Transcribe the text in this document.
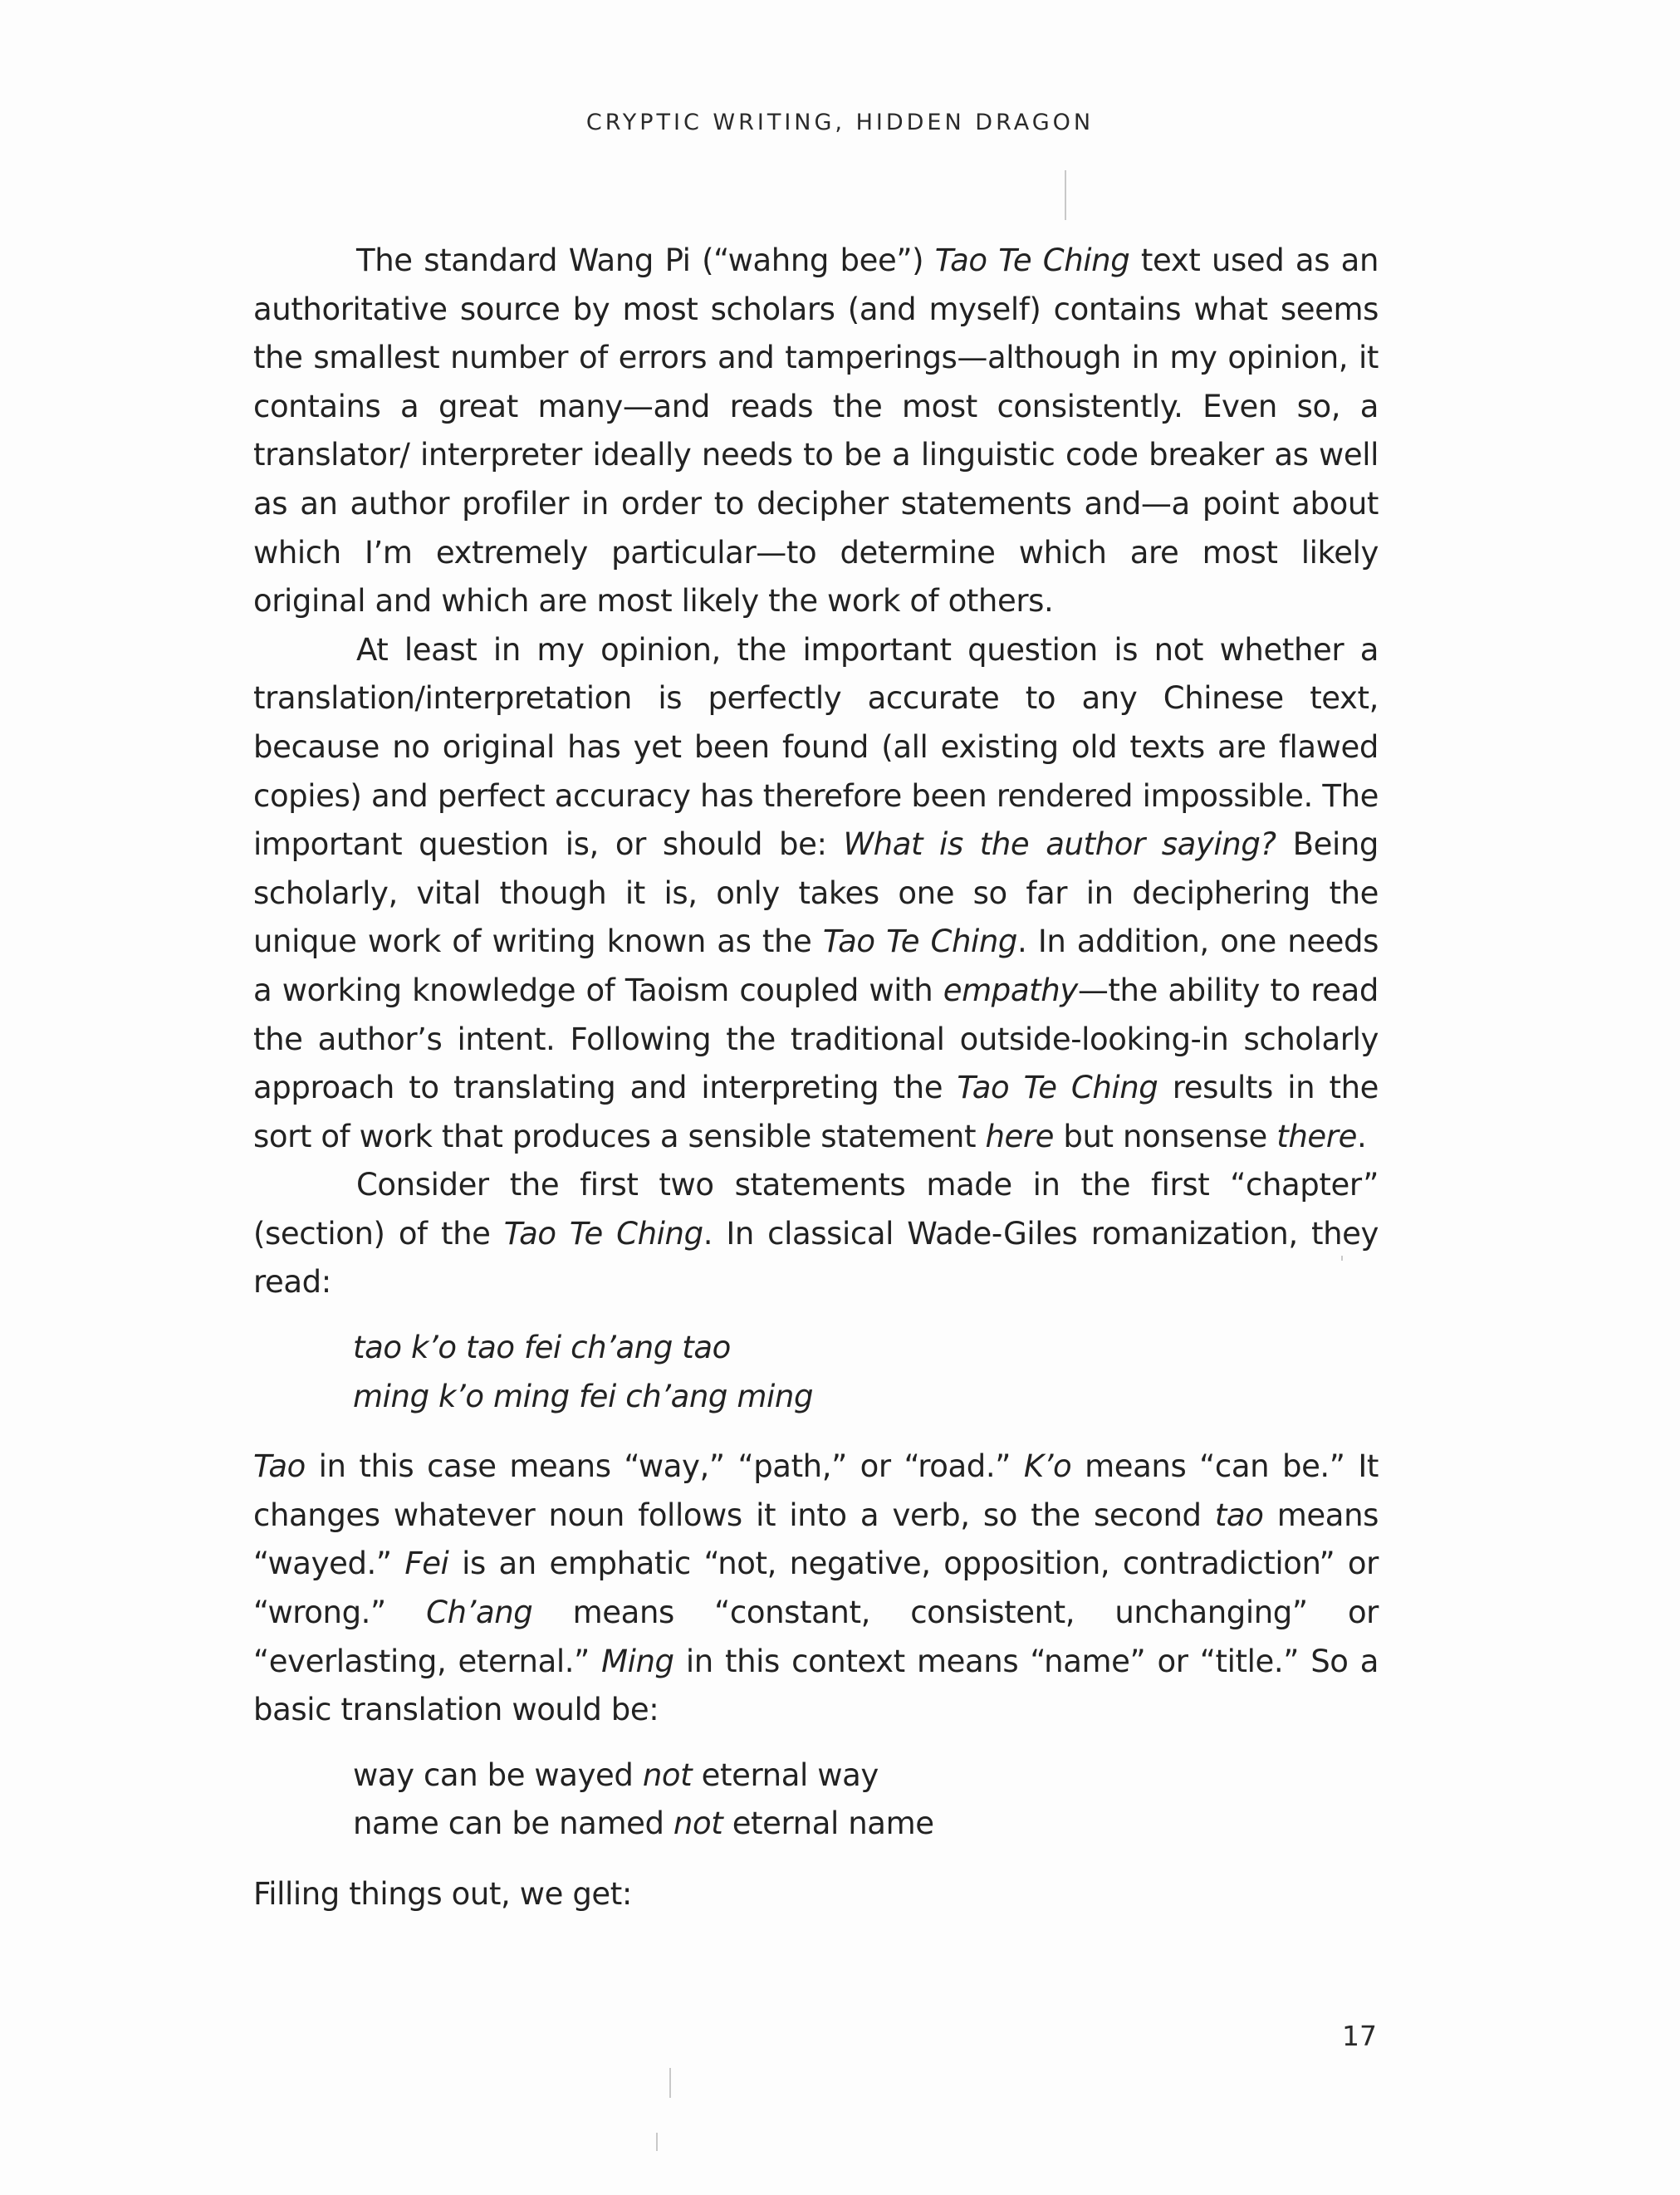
CRYPTIC WRITING, HIDDEN DRAGON

The standard Wang Pi (“wahng bee”) Tao Te Ching text used as an authoritative source by most scholars (and myself) contains what seems the smallest number of errors and tamperings—although in my opinion, it contains a great many—and reads the most consistently. Even so, a translator/ interpreter ideally needs to be a linguistic code breaker as well as an author profiler in order to decipher statements and—a point about which I’m extremely particular—to determine which are most likely original and which are most likely the work of others.

At least in my opinion, the important question is not whether a translation/interpretation is perfectly accurate to any Chinese text, because no original has yet been found (all existing old texts are flawed copies) and perfect accuracy has therefore been rendered impossible. The important question is, or should be: What is the author saying? Being scholarly, vital though it is, only takes one so far in deciphering the unique work of writing known as the Tao Te Ching. In addition, one needs a working knowledge of Taoism coupled with empathy—the ability to read the author’s intent. Following the traditional outside-looking-in scholarly approach to translating and interpreting the Tao Te Ching results in the sort of work that produces a sensible statement here but nonsense there.

Consider the first two statements made in the first “chapter” (section) of the Tao Te Ching. In classical Wade-Giles romanization, they read:

tao k’o tao fei ch’ang tao
ming k’o ming fei ch’ang ming

Tao in this case means “way,” “path,” or “road.” K’o means “can be.” It changes whatever noun follows it into a verb, so the second tao means “wayed.” Fei is an emphatic “not, negative, opposition, contradiction” or “wrong.” Ch’ang means “constant, consistent, unchanging” or “everlasting, eternal.” Ming in this context means “name” or “title.” So a basic translation would be:

way can be wayed not eternal way
name can be named not eternal name

Filling things out, we get:

17
